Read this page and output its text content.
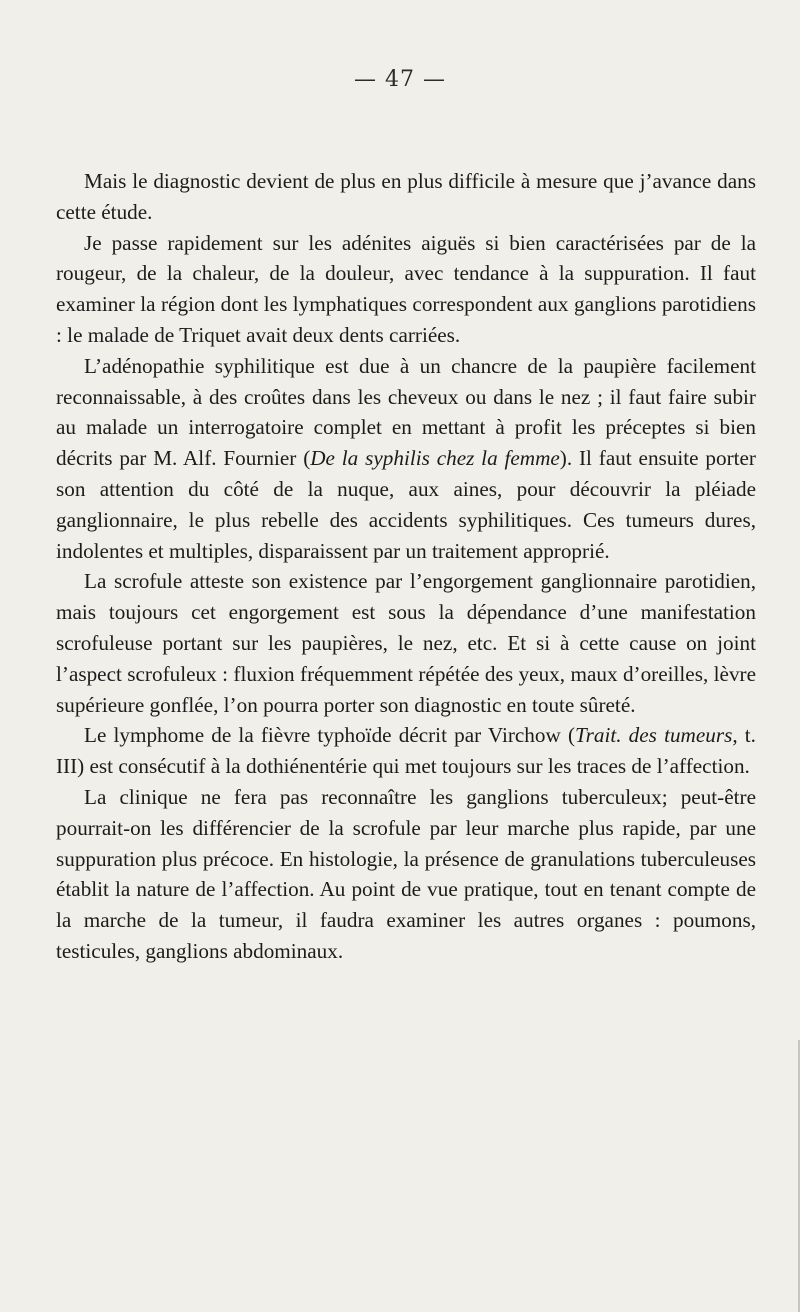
— 47 —

Mais le diagnostic devient de plus en plus difficile à mesure que j’avance dans cette étude.

Je passe rapidement sur les adénites aiguës si bien caractérisées par de la rougeur, de la chaleur, de la douleur, avec tendance à la suppuration. Il faut examiner la région dont les lymphatiques correspondent aux ganglions parotidiens : le malade de Triquet avait deux dents carriées.

L’adénopathie syphilitique est due à un chancre de la paupière facilement reconnaissable, à des croûtes dans les cheveux ou dans le nez ; il faut faire subir au malade un interrogatoire complet en mettant à profit les préceptes si bien décrits par M. Alf. Fournier (De la syphilis chez la femme). Il faut ensuite porter son attention du côté de la nuque, aux aines, pour découvrir la pléiade ganglionnaire, le plus rebelle des accidents syphilitiques. Ces tumeurs dures, indolentes et multiples, disparaissent par un traitement approprié.

La scrofule atteste son existence par l’engorgement ganglionnaire parotidien, mais toujours cet engorgement est sous la dépendance d’une manifestation scrofuleuse portant sur les paupières, le nez, etc. Et si à cette cause on joint l’aspect scrofuleux : fluxion fréquemment répétée des yeux, maux d’oreilles, lèvre supérieure gonflée, l’on pourra porter son diagnostic en toute sûreté.

Le lymphome de la fièvre typhoïde décrit par Virchow (Trait. des tumeurs, t. III) est consécutif à la dothiénentérie qui met toujours sur les traces de l’affection.

La clinique ne fera pas reconnaître les ganglions tuberculeux; peut-être pourrait-on les différencier de la scrofule par leur marche plus rapide, par une suppuration plus précoce. En histologie, la présence de granulations tuberculeuses établit la nature de l’affection. Au point de vue pratique, tout en tenant compte de la marche de la tumeur, il faudra examiner les autres organes : poumons, testicules, ganglions abdominaux.
